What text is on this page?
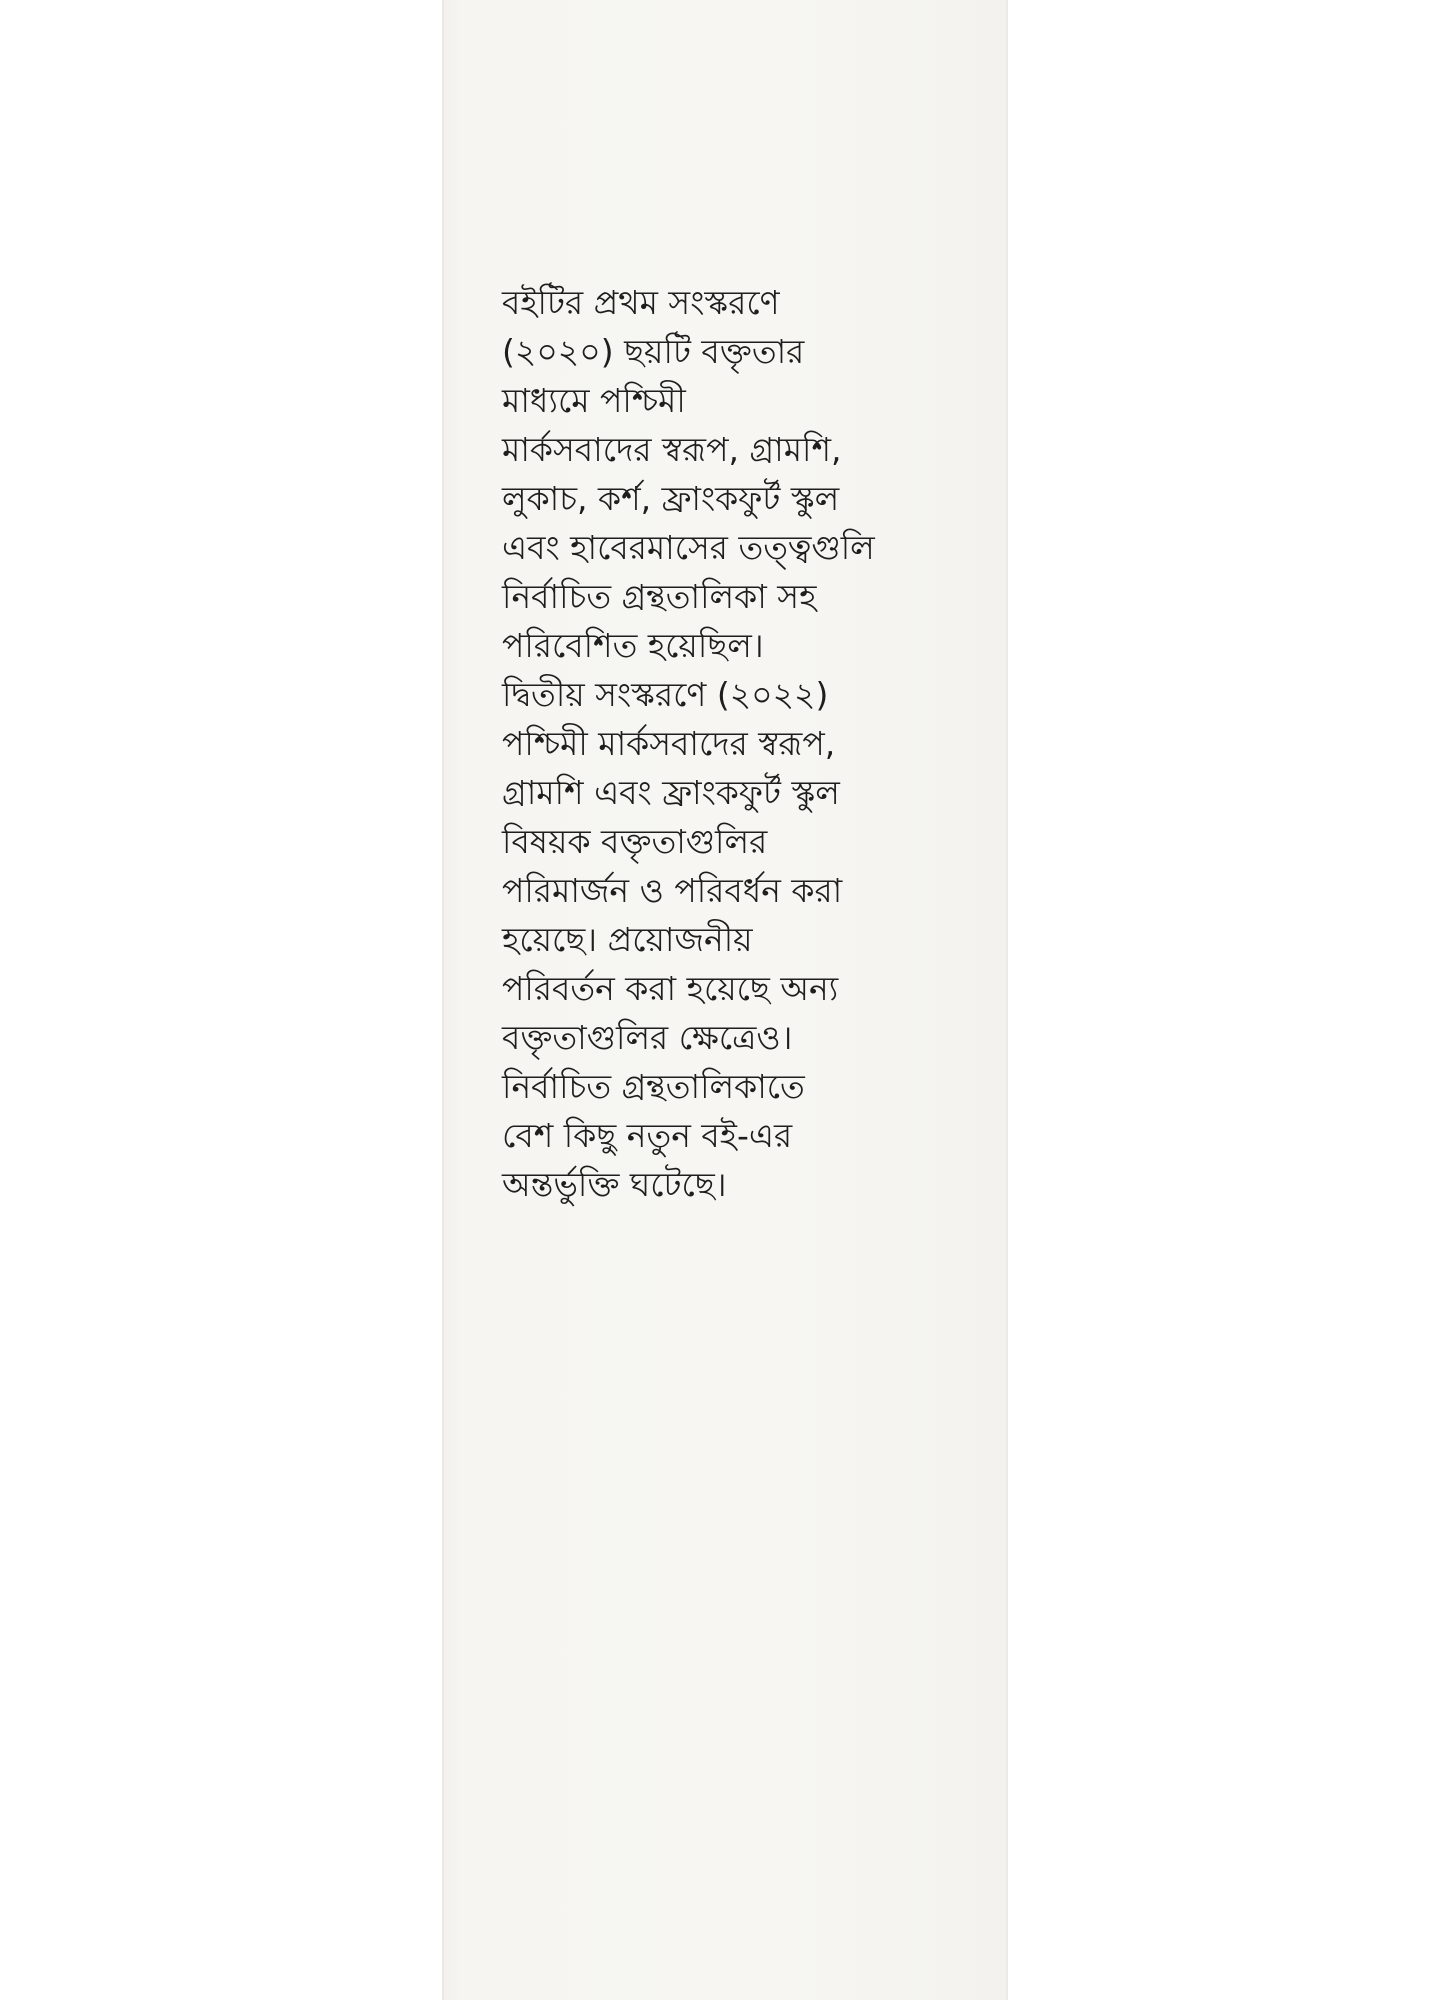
বইটির প্রথম সংস্করণে
(২০২০) ছয়টি বক্তৃতার
মাধ্যমে পশ্চিমী
মার্কসবাদের স্বরূপ, গ্রামশি,
লুকাচ, কর্শ, ফ্রাংকফুর্ট স্কুল
এবং হাবেরমাসের তত্ত্বগুলি
নির্বাচিত গ্রন্থতালিকা সহ
পরিবেশিত হয়েছিল।
দ্বিতীয় সংস্করণে (২০২২)
পশ্চিমী মার্কসবাদের স্বরূপ,
গ্রামশি এবং ফ্রাংকফুর্ট স্কুল
বিষয়ক বক্তৃতাগুলির
পরিমার্জন ও পরিবর্ধন করা
হয়েছে। প্রয়োজনীয়
পরিবর্তন করা হয়েছে অন্য
বক্তৃতাগুলির ক্ষেত্রেও।
নির্বাচিত গ্রন্থতালিকাতে
বেশ কিছু নতুন বই-এর
অন্তর্ভুক্তি ঘটেছে।
